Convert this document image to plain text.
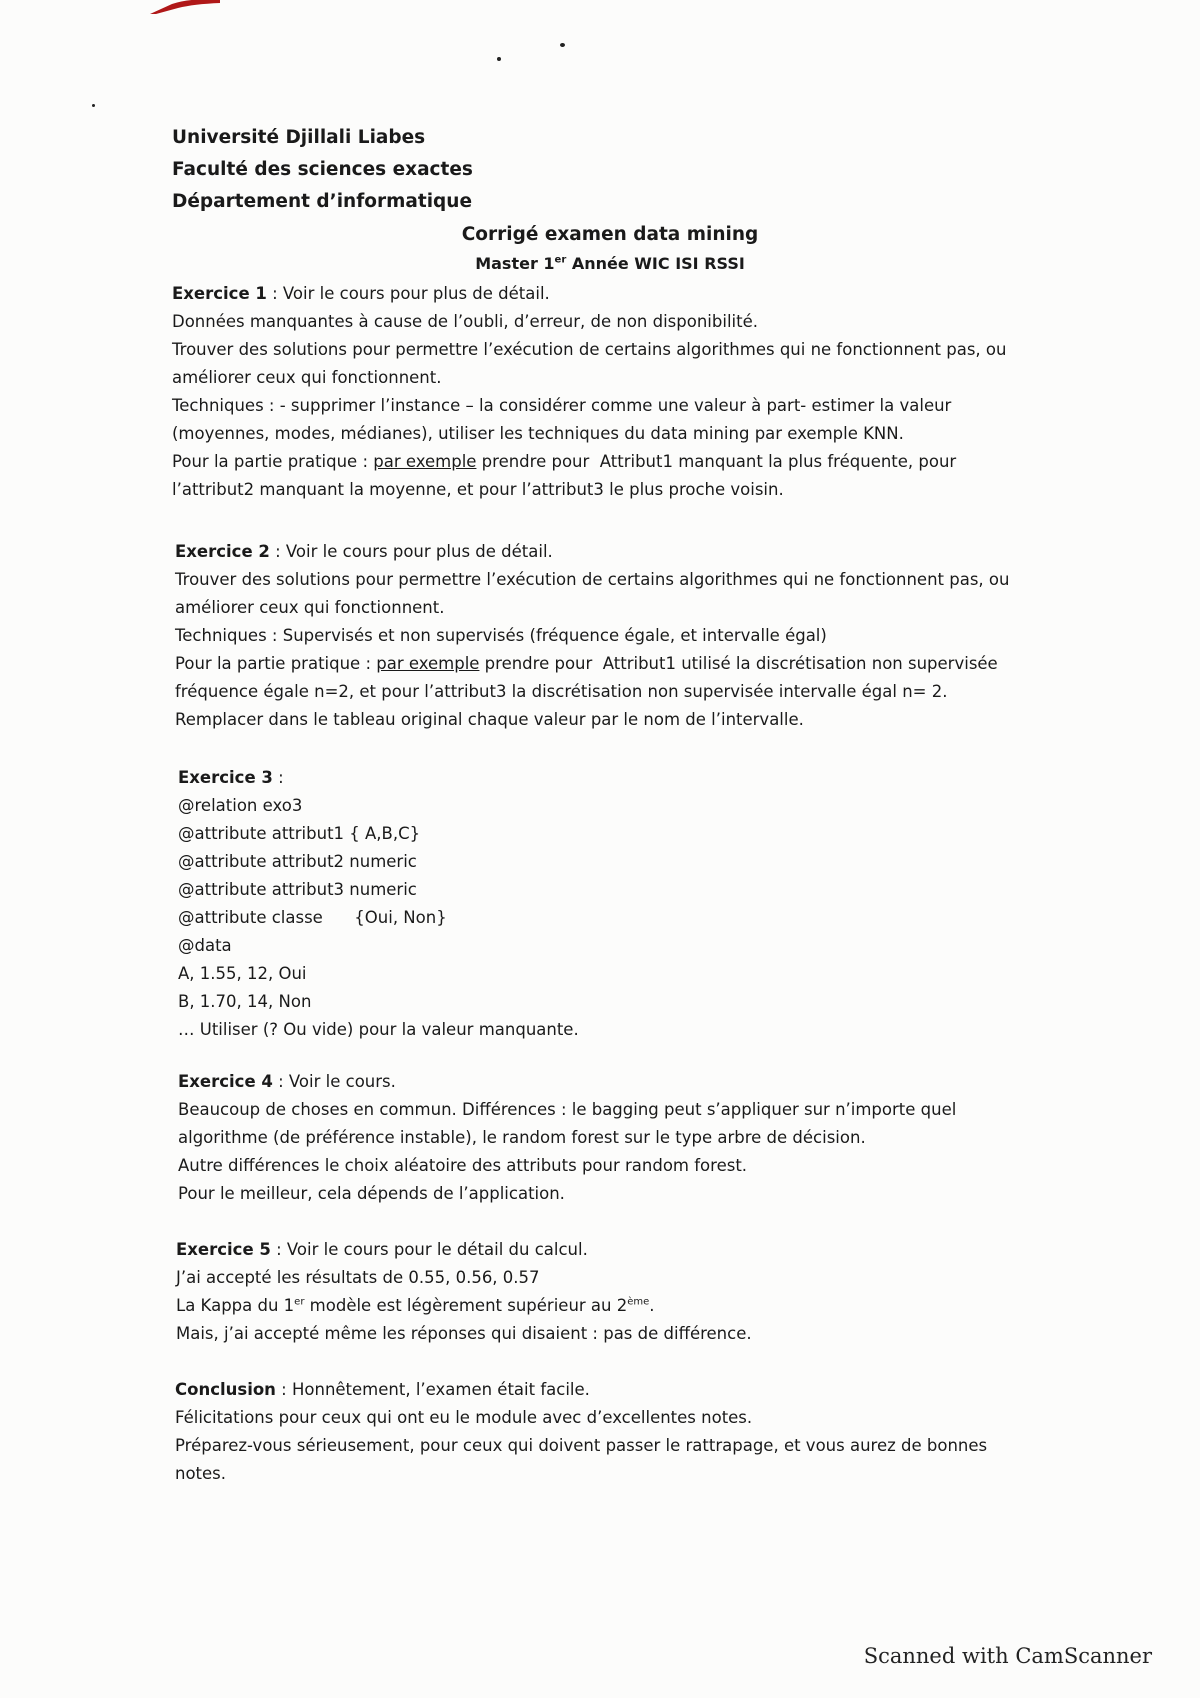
Université Djillali Liabes
Faculté des sciences exactes
Département d’informatique
Corrigé examen data mining
Master 1er Année WIC ISI RSSI

Exercice 1 : Voir le cours pour plus de détail.

Données manquantes à cause de l’oubli, d’erreur, de non disponibilité.

Trouver des solutions pour permettre l’exécution de certains algorithmes qui ne fonctionnent pas, ou

améliorer ceux qui fonctionnent.

Techniques : - supprimer l’instance – la considérer comme une valeur à part- estimer la valeur

(moyennes, modes, médianes), utiliser les techniques du data mining par exemple KNN.

Pour la partie pratique : par exemple prendre pour  Attribut1 manquant la plus fréquente, pour

l’attribut2 manquant la moyenne, et pour l’attribut3 le plus proche voisin.

Exercice 2 : Voir le cours pour plus de détail.

Trouver des solutions pour permettre l’exécution de certains algorithmes qui ne fonctionnent pas, ou

améliorer ceux qui fonctionnent.

Techniques : Supervisés et non supervisés (fréquence égale, et intervalle égal)

Pour la partie pratique : par exemple prendre pour  Attribut1 utilisé la discrétisation non supervisée

fréquence égale n=2, et pour l’attribut3 la discrétisation non supervisée intervalle égal n= 2.

Remplacer dans le tableau original chaque valeur par le nom de l’intervalle.

Exercice 3 :

@relation exo3

@attribute attribut1 { A,B,C}

@attribute attribut2 numeric

@attribute attribut3 numeric

@attribute classe      {Oui, Non}

@data

A, 1.55, 12, Oui

B, 1.70, 14, Non

… Utiliser (? Ou vide) pour la valeur manquante.

Exercice 4 : Voir le cours.

Beaucoup de choses en commun. Différences : le bagging peut s’appliquer sur n’importe quel

algorithme (de préférence instable), le random forest sur le type arbre de décision.

Autre différences le choix aléatoire des attributs pour random forest.

Pour le meilleur, cela dépends de l’application.

Exercice 5 : Voir le cours pour le détail du calcul.

J’ai accepté les résultats de 0.55, 0.56, 0.57

La Kappa du 1er modèle est légèrement supérieur au 2ème.

Mais, j’ai accepté même les réponses qui disaient : pas de différence.

Conclusion : Honnêtement, l’examen était facile.

Félicitations pour ceux qui ont eu le module avec d’excellentes notes.

Préparez-vous sérieusement, pour ceux qui doivent passer le rattrapage, et vous aurez de bonnes

notes.

Scanned with CamScanner
